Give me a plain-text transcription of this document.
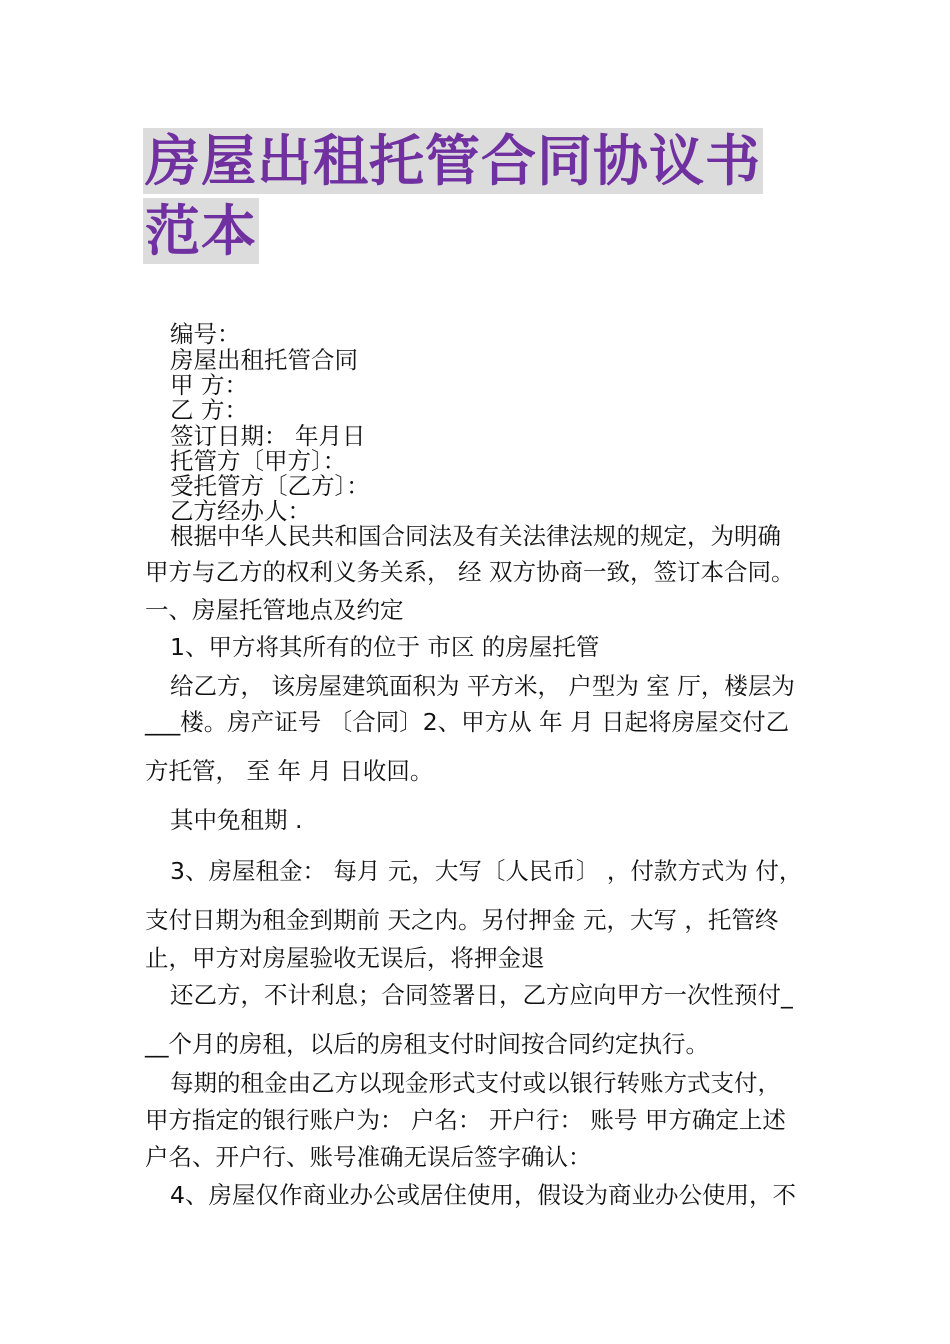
房屋出租托管合同协议书
范本
编号：
房屋出租托管合同
甲 方：
乙 方：
签订日期： 年月日
托管方〔甲方〕：
受托管方〔乙方〕：
乙方经办人：
根据中华人民共和国合同法及有关法律法规的规定，为明确
甲方与乙方的权利义务关系， 经 双方协商一致，签订本合同。
一、房屋托管地点及约定
1、甲方将其所有的位于 市区 的房屋托管
给乙方， 该房屋建筑面积为 平方米， 户型为 室 厅，楼层为
___楼。房产证号 〔合同〕2、甲方从 年 月 日起将房屋交付乙
方托管， 至 年 月 日收回。
其中免租期 .
3、房屋租金： 每月 元，大写〔人民币〕 ，付款方式为 付，
支付日期为租金到期前 天之内。另付押金 元，大写 ，托管终
止，甲方对房屋验收无误后，将押金退
还乙方，不计利息；合同签署日，乙方应向甲方一次性预付_
__个月的房租，以后的房租支付时间按合同约定执行。
每期的租金由乙方以现金形式支付或以银行转账方式支付，
甲方指定的银行账户为： 户名： 开户行： 账号 甲方确定上述
户名、开户行、账号准确无误后签字确认：
4、房屋仅作商业办公或居住使用，假设为商业办公使用，不
